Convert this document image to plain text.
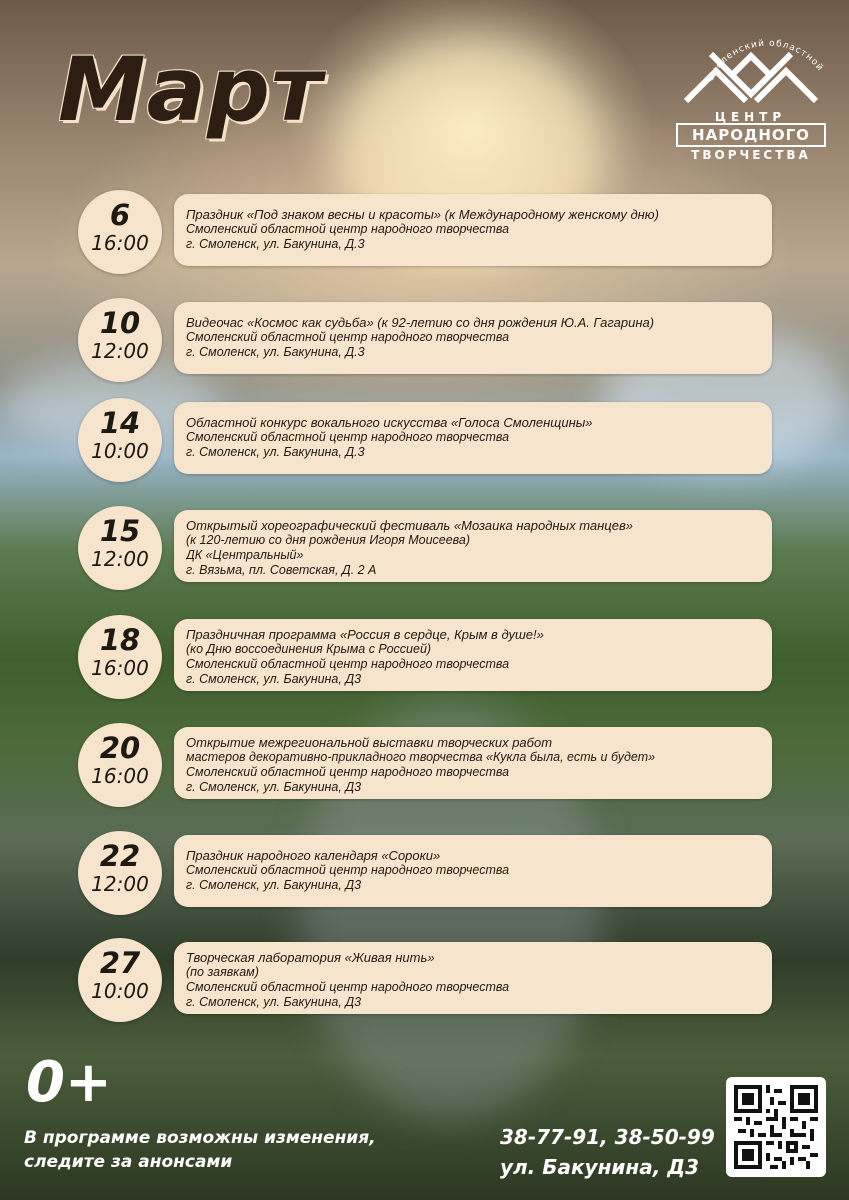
Март	Смоленский областной
ЦЕНТР
НАРОДНОГО
ТВОРЧЕСТВА
6
16:00
Праздник «Под знаком весны и красоты» (к Международному женскому дню)
Смоленский областной центр народного творчества
г. Смоленск, ул. Бакунина, Д.3
10
12:00
Видеочас «Космос как судьба» (к 92-летию со дня рождения Ю.А. Гагарина)
Смоленский областной центр народного творчества
г. Смоленск, ул. Бакунина, Д.3
14
10:00
Областной конкурс вокального искусства «Голоса Смоленщины»
Смоленский областной центр народного творчества
г. Смоленск, ул. Бакунина, Д.3
15
12:00
Открытый хореографический фестиваль «Мозаика народных танцев»
(к 120-летию со дня рождения Игоря Моисеева)
ДК «Центральный»
г. Вязьма, пл. Советская, Д. 2 А
18
16:00
Праздничная программа «Россия в сердце, Крым в душе!»
(ко Дню воссоединения Крыма с Россией)
Смоленский областной центр народного творчества
г. Смоленск, ул. Бакунина, Д3
20
16:00
Открытие межрегиональной выставки творческих работ
мастеров декоративно-прикладного творчества «Кукла была, есть и будет»
Смоленский областной центр народного творчества
г. Смоленск, ул. Бакунина, Д3
22
12:00
Праздник народного календаря «Сороки»
Смоленский областной центр народного творчества
г. Смоленск, ул. Бакунина, Д3
27
10:00
Творческая лаборатория «Живая нить»
(по заявкам)
Смоленский областной центр народного творчества
г. Смоленск, ул. Бакунина, Д3
0+
В программе возможны изменения,
следите за анонсами
38-77-91, 38-50-99
ул. Бакунина, Д3
